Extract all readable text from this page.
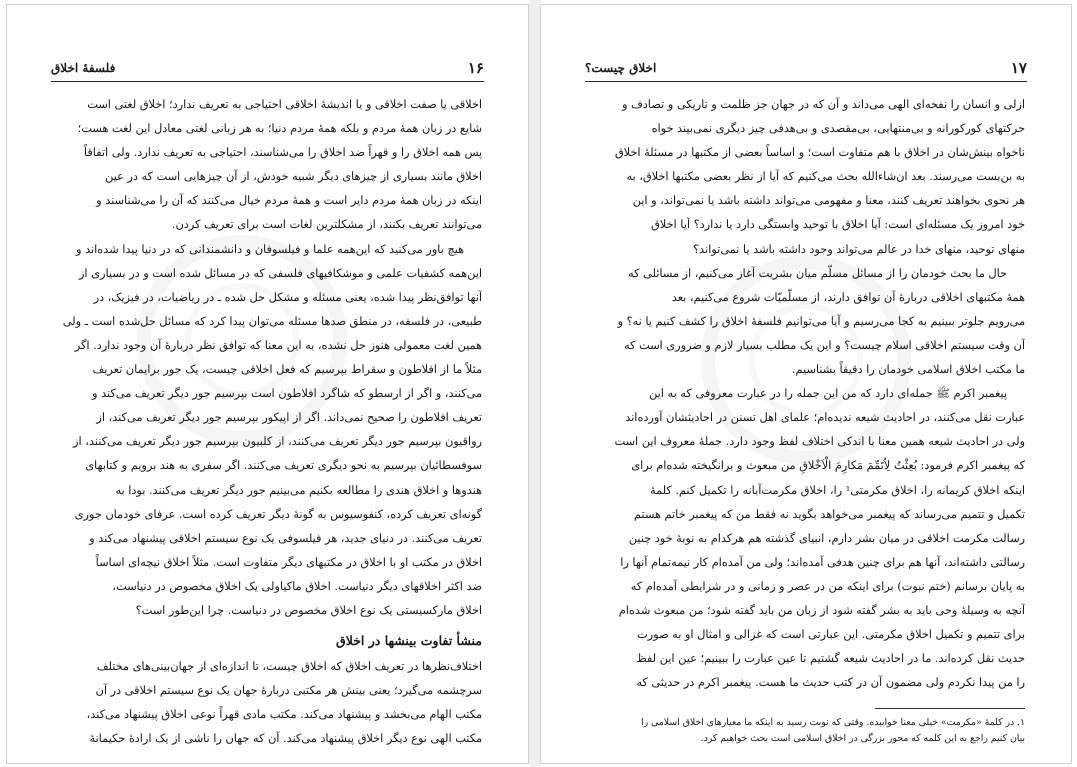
۱۶
فلسفهٔ اخلاق
اخلاقی یا صفت اخلاقی و یا اندیشهٔ اخلاقی احتیاجی به تعریف ندارد؛ اخلاق لغتی است
شایع در زبان همهٔ مردم و بلکه همهٔ مردم دنیا؛ به هر زبانی لغتی معادل این لغت هست؛
پس همه اخلاق را و قهراً ضد اخلاق را می‌شناسند، احتیاجی به تعریف ندارد. ولی اتفاقاً
اخلاق مانند بسیاری از چیزهای دیگر شبیه خودش، از آن چیزهایی است که در عین
اینکه در زبان همهٔ مردم دایر است و همهٔ مردم خیال می‌کنند که آن را می‌شناسند و
می‌توانند تعریف بکنند، از مشکلترین لغات است برای تعریف کردن.
هیچ باور می‌کنید که این‌همه علما و فیلسوفان و دانشمندانی که در دنیا پیدا شده‌اند و
این‌همه کشفیات علمی و موشکافیهای فلسفی که در مسائل شده است و در بسیاری از
آنها توافق‌نظر پیدا شده، یعنی مسئله و مشکل حل شده ـ در ریاضیات، در فیزیک، در
طبیعی، در فلسفه، در منطق صدها مسئله می‌توان پیدا کرد که مسائل حل‌شده است ـ ولی
همین لغت معمولی هنوز حل نشده، به این معنا که توافق نظر دربارهٔ آن وجود ندارد. اگر
مثلاً ما از افلاطون و سقراط بپرسیم که فعل اخلاقی چیست، یک جور برایمان تعریف
می‌کنند، و اگر از ارسطو که شاگرد افلاطون است بپرسیم جور دیگر تعریف می‌کند و
تعریف افلاطون را صحیح نمی‌داند. اگر از اپیکور بپرسیم جور دیگر تعریف می‌کند، از
رواقیون بپرسیم جور دیگر تعریف می‌کنند، از کلبیون بپرسیم جور دیگر تعریف می‌کنند، از
سوفسطائیان بپرسیم به نحو دیگری تعریف می‌کنند. اگر سفری به هند برویم و کتابهای
هندوها و اخلاق هندی را مطالعه بکنیم می‌بینیم جور دیگر تعریف می‌کنند. بودا به
گونه‌ای تعریف کرده، کنفوسیوس به گونهٔ دیگر تعریف کرده است. عرفای خودمان جوری
تعریف می‌کنند. در دنیای جدید، هر فیلسوفی یک نوع سیستم اخلاقی پیشنهاد می‌کند و
اخلاق در مکتب او با اخلاق در مکتبهای دیگر متفاوت است. مثلاً اخلاق نیچه‌ای اساساً
ضد اکثر اخلاقهای دیگر دنیاست. اخلاق ماکیاولی یک اخلاق مخصوص در دنیاست،
اخلاق مارکسیستی یک نوع اخلاق مخصوص در دنیاست. چرا این‌طور است؟
منشأ تفاوت بینشها در اخلاق
اختلاف‌نظرها در تعریف اخلاق که اخلاق چیست، تا اندازه‌ای از جهان‌بینی‌های مختلف
سرچشمه می‌گیرد؛ یعنی بینش هر مکتبی دربارهٔ جهان یک نوع سیستم اخلاقی در آن
مکتب الهام می‌بخشد و پیشنهاد می‌کند. مکتب مادی قهراً نوعی اخلاق پیشنهاد می‌کند،
مکتب الهی نوع دیگر اخلاق پیشنهاد می‌کند. آن که جهان را ناشی از یک ارادهٔ حکیمانهٔ
۱۷
اخلاق چیست؟
ازلی و انسان را نفخه‌ای الهی می‌داند و آن که در جهان جز ظلمت و تاریکی و تصادف و
حرکتهای کورکورانه و بی‌منتهایی، بی‌مقصدی و بی‌هدفی چیز دیگری نمی‌بیند خواه
ناخواه بینش‌شان در اخلاق با هم متفاوت است؛ و اساساً بعضی از مکتبها در مسئلهٔ اخلاق
به بن‌بست می‌رسند. بعد ان‌شاءالله بحث می‌کنیم که آیا از نظر بعضی مکتبها اخلاق، به
هر نحوی بخواهند تعریف کنند، معنا و مفهومی می‌تواند داشته باشد یا نمی‌تواند، و این
خود امروز یک مسئله‌ای است: آیا اخلاق با توحید وابستگی دارد یا ندارد؟ آیا اخلاق
منهای توحید، منهای خدا در عالم می‌تواند وجود داشته باشد یا نمی‌تواند؟
حال ما بحث خودمان را از مسائل مسلّم میان بشریت آغاز می‌کنیم، از مسائلی که
همهٔ مکتبهای اخلاقی دربارهٔ آن توافق دارند، از مسلّمیّات شروع می‌کنیم، بعد
می‌رویم جلوتر ببینیم به کجا می‌رسیم و آیا می‌توانیم فلسفهٔ اخلاق را کشف کنیم یا نه؟ و
آن وقت سیستم اخلاقی اسلام چیست؟ و این یک مطلب بسیار لازم و ضروری است که
ما مکتب اخلاق اسلامی خودمان را دقیقاً بشناسیم.
پیغمبر اکرم ﷺ جمله‌ای دارد که من این جمله را در عبارت معروفی که به این
عبارت نقل می‌کنند، در احادیث شیعه ندیده‌ام؛ علمای اهل تسنن در احادیثشان آورده‌اند
ولی در احادیث شیعه همین معنا با اندکی اختلاف لفظ وجود دارد. جملهٔ معروف این است
که پیغمبر اکرم فرمود: بُعِثْتُ لِاُتَمِّمَ مَکارِمَ الْاَخْلاقِ من مبعوث و برانگیخته شده‌ام برای
اینکه اخلاق کریمانه را، اخلاق مکرمتی¹ را، اخلاق مکرمت‌آبانه را تکمیل کنم. کلمهٔ
تکمیل و تتمیم می‌رساند که پیغمبر می‌خواهد بگوید نه فقط من که پیغمبر خاتم هستم
رسالت مکرمت اخلاقی در میان بشر دارم، انبیای گذشته هم هرکدام به نوبهٔ خود چنین
رسالتی داشته‌اند، آنها هم برای چنین هدفی آمده‌اند؛ ولی من آمده‌ام کار نیمه‌تمام آنها را
به پایان برسانم (ختم نبوت) برای اینکه من در عصر و زمانی و در شرایطی آمده‌ام که
آنچه به وسیلهٔ وحی باید به بشر گفته شود از زبان من باید گفته شود؛ من مبعوث شده‌ام
برای تتمیم و تکمیل اخلاق مکرمتی. این عبارتی است که غزالی و امثال او به صورت
حدیث نقل کرده‌اند. ما در احادیث شیعه گشتیم تا عین عبارت را ببینیم؛ عین این لفظ
را من پیدا نکردم ولی مضمون آن در کتب حدیث ما هست. پیغمبر اکرم در حدیثی که
۱. در کلمهٔ «مکرمت» خیلی معنا خوابیده. وقتی که نوبت رسید به اینکه ما معیارهای اخلاق اسلامی را
بیان کنیم راجع به این کلمه که محور بزرگی در اخلاق اسلامی است بحث خواهیم کرد.
